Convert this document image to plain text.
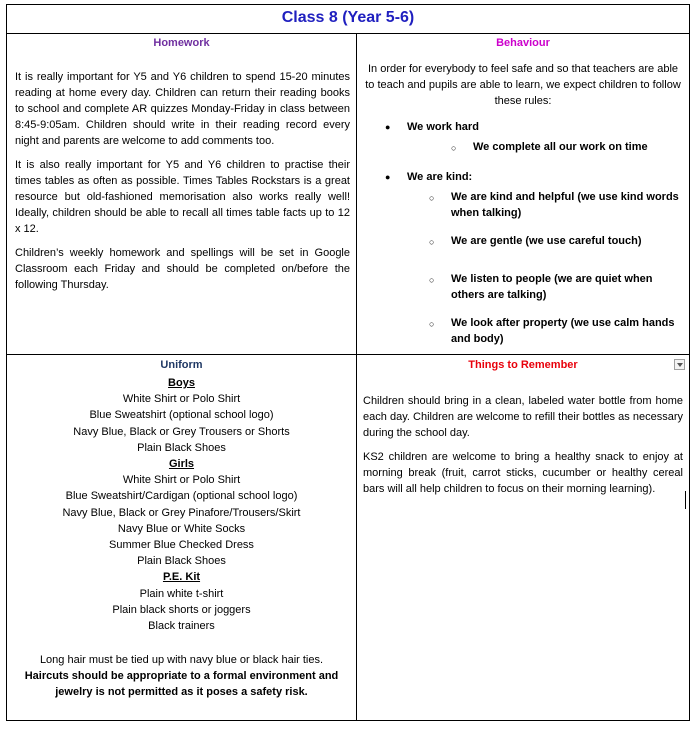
Class 8 (Year 5-6)
Homework

It is really important for Y5 and Y6 children to spend 15-20 minutes reading at home every day. Children can return their reading books to school and complete AR quizzes Monday-Friday in class between 8:45-9:05am. Children should write in their reading record every night and parents are welcome to add comments too.

It is also really important for Y5 and Y6 children to practise their times tables as often as possible. Times Tables Rockstars is a great resource but old-fashioned memorisation also works really well! Ideally, children should be able to recall all times table facts up to 12 x 12.

Children’s weekly homework and spellings will be set in Google Classroom each Friday and should be completed on/before the following Thursday.

Behaviour

In order for everybody to feel safe and so that teachers are able to teach and pupils are able to learn, we expect children to follow these rules:

● We work hard
○ We complete all our work on time
● We are kind:
○ We are kind and helpful (we use kind words when talking)
○ We are gentle (we use careful touch)
○ We listen to people (we are quiet when others are talking)
○ We look after property (we use calm hands and body)
Uniform
Boys
White Shirt or Polo Shirt
Blue Sweatshirt (optional school logo)
Navy Blue, Black or Grey Trousers or Shorts
Plain Black Shoes
Girls
White Shirt or Polo Shirt
Blue Sweatshirt/Cardigan (optional school logo)
Navy Blue, Black or Grey Pinafore/Trousers/Skirt
Navy Blue or White Socks
Summer Blue Checked Dress
Plain Black Shoes
P.E. Kit
Plain white t-shirt
Plain black shorts or joggers
Black trainers
Long hair must be tied up with navy blue or black hair ties.
Haircuts should be appropriate to a formal environment and jewelry is not permitted as it poses a safety risk.
Things to Remember

Children should bring in a clean, labeled water bottle from home each day. Children are welcome to refill their bottles as necessary during the school day.

KS2 children are welcome to bring a healthy snack to enjoy at morning break (fruit, carrot sticks, cucumber or healthy cereal bars will all help children to focus on their morning learning).
